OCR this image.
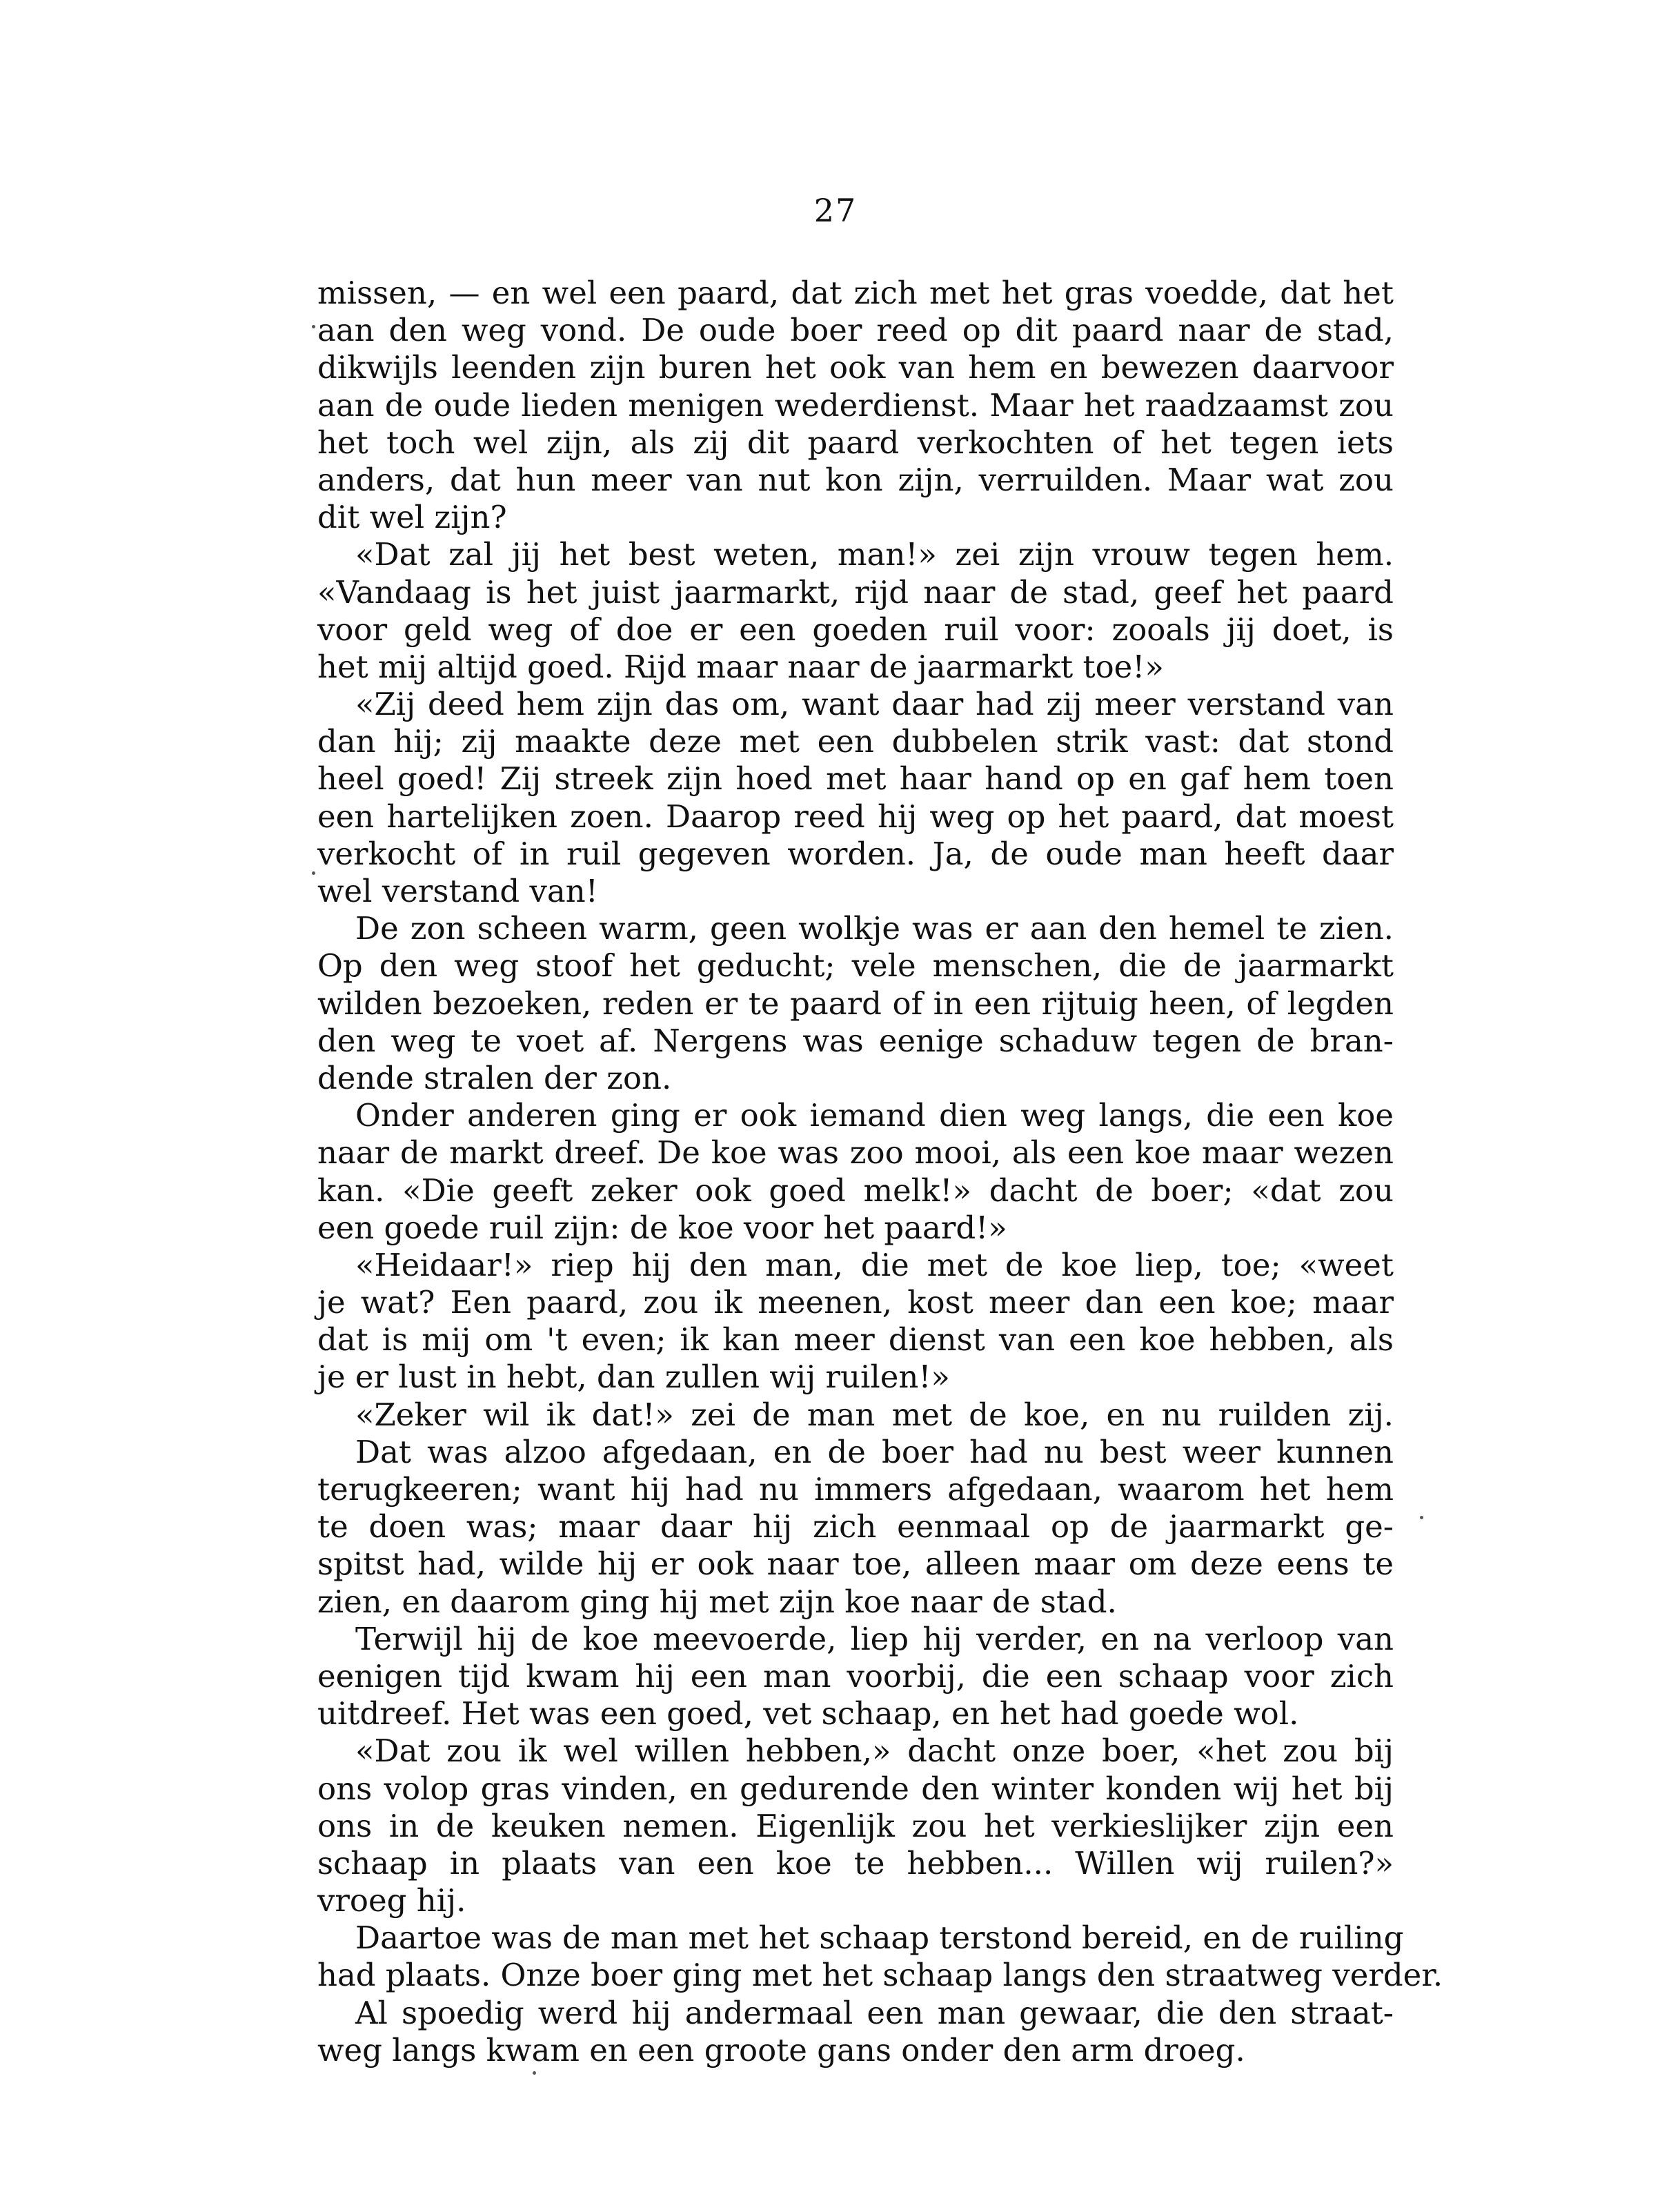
27
missen, — en wel een paard, dat zich met het gras voedde, dat het
aan den weg vond. De oude boer reed op dit paard naar de stad,
dikwijls leenden zijn buren het ook van hem en bewezen daarvoor
aan de oude lieden menigen wederdienst. Maar het raadzaamst zou
het toch wel zijn, als zij dit paard verkochten of het tegen iets
anders, dat hun meer van nut kon zijn, verruilden. Maar wat zou
dit wel zijn?
«Dat zal jij het best weten, man!» zei zijn vrouw tegen hem.
«Vandaag is het juist jaarmarkt, rijd naar de stad, geef het paard
voor geld weg of doe er een goeden ruil voor: zooals jij doet, is
het mij altijd goed. Rijd maar naar de jaarmarkt toe!»
«Zij deed hem zijn das om, want daar had zij meer verstand van
dan hij; zij maakte deze met een dubbelen strik vast: dat stond
heel goed! Zij streek zijn hoed met haar hand op en gaf hem toen
een hartelijken zoen. Daarop reed hij weg op het paard, dat moest
verkocht of in ruil gegeven worden. Ja, de oude man heeft daar
wel verstand van!
De zon scheen warm, geen wolkje was er aan den hemel te zien.
Op den weg stoof het geducht; vele menschen, die de jaarmarkt
wilden bezoeken, reden er te paard of in een rijtuig heen, of legden
den weg te voet af. Nergens was eenige schaduw tegen de bran-
dende stralen der zon.
Onder anderen ging er ook iemand dien weg langs, die een koe
naar de markt dreef. De koe was zoo mooi, als een koe maar wezen
kan. «Die geeft zeker ook goed melk!» dacht de boer; «dat zou
een goede ruil zijn: de koe voor het paard!»
«Heidaar!» riep hij den man, die met de koe liep, toe; «weet
je wat? Een paard, zou ik meenen, kost meer dan een koe; maar
dat is mij om 't even; ik kan meer dienst van een koe hebben, als
je er lust in hebt, dan zullen wij ruilen!»
«Zeker wil ik dat!» zei de man met de koe, en nu ruilden zij.
Dat was alzoo afgedaan, en de boer had nu best weer kunnen
terugkeeren; want hij had nu immers afgedaan, waarom het hem
te doen was; maar daar hij zich eenmaal op de jaarmarkt ge-
spitst had, wilde hij er ook naar toe, alleen maar om deze eens te
zien, en daarom ging hij met zijn koe naar de stad.
Terwijl hij de koe meevoerde, liep hij verder, en na verloop van
eenigen tijd kwam hij een man voorbij, die een schaap voor zich
uitdreef. Het was een goed, vet schaap, en het had goede wol.
«Dat zou ik wel willen hebben,» dacht onze boer, «het zou bij
ons volop gras vinden, en gedurende den winter konden wij het bij
ons in de keuken nemen. Eigenlijk zou het verkieslijker zijn een
schaap in plaats van een koe te hebben... Willen wij ruilen?»
vroeg hij.
Daartoe was de man met het schaap terstond bereid, en de ruiling
had plaats. Onze boer ging met het schaap langs den straatweg verder.
Al spoedig werd hij andermaal een man gewaar, die den straat-
weg langs kwam en een groote gans onder den arm droeg.
